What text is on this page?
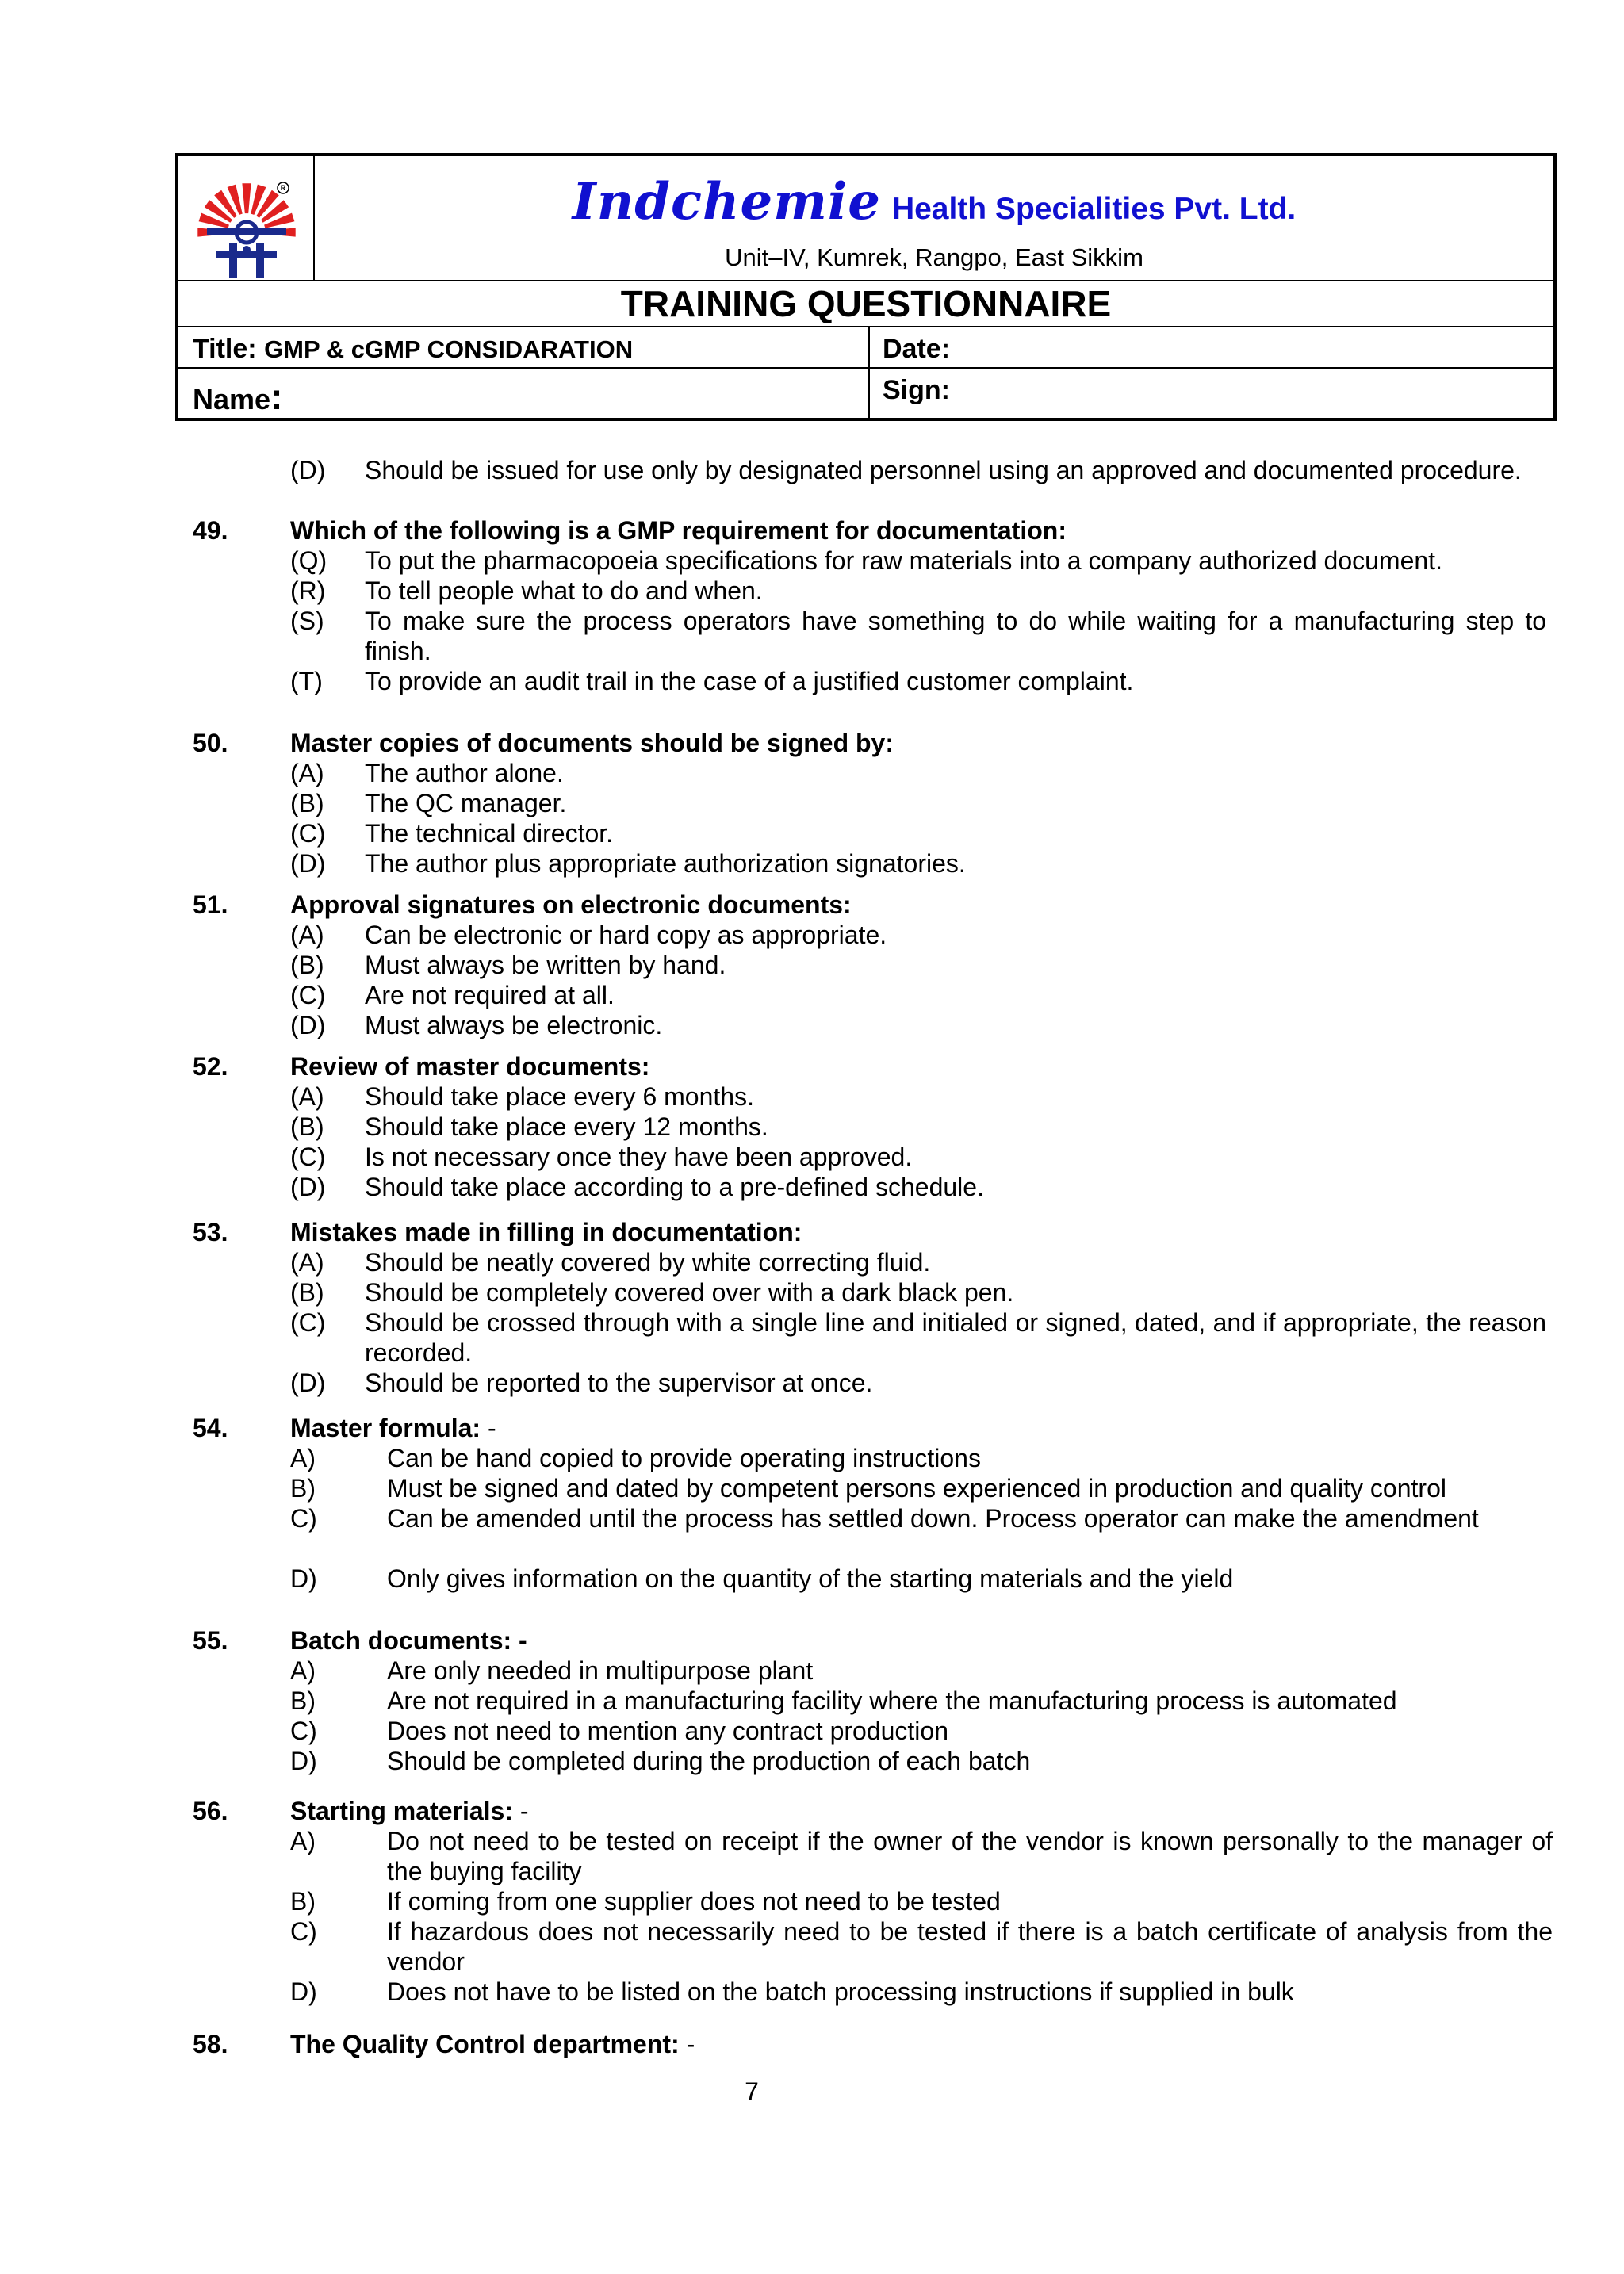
R	Indchemie Health Specialities Pvt. Ltd.
Unit–IV, Kumrek, Rangpo, East Sikkim
TRAINING QUESTIONNAIRE
Title: GMP & cGMP CONSIDARATION	Date:
Name:	Sign:
(D) Should be issued for use only by designated personnel using an approved and documented procedure.
49. Which of the following is a GMP requirement for documentation:
(Q) To put the pharmacopoeia specifications for raw materials into a company authorized document.
(R) To tell people what to do and when.
(S) To make sure the process operators have something to do while waiting for a manufacturing step to finish.
(T) To provide an audit trail in the case of a justified customer complaint.
50. Master copies of documents should be signed by:
(A) The author alone.
(B) The QC manager.
(C) The technical director.
(D) The author plus appropriate authorization signatories.
51. Approval signatures on electronic documents:
(A) Can be electronic or hard copy as appropriate.
(B) Must always be written by hand.
(C) Are not required at all.
(D) Must always be electronic.
52. Review of master documents:
(A) Should take place every 6 months.
(B) Should take place every 12 months.
(C) Is not necessary once they have been approved.
(D) Should take place according to a pre-defined schedule.
53. Mistakes made in filling in documentation:
(A) Should be neatly covered by white correcting fluid.
(B) Should be completely covered over with a dark black pen.
(C) Should be crossed through with a single line and initialed or signed, dated, and if appropriate, the reason recorded.
(D) Should be reported to the supervisor at once.
54. Master formula: -
A)	Can be hand copied to provide operating instructions
B)	Must be signed and dated by competent persons experienced in production and quality control
C)	Can be amended until the process has settled down. Process operator can make the amendment
D)	Only gives information on the quantity of the starting materials and the yield
55. Batch documents: -
A)	Are only needed in multipurpose plant
B)	Are not required in a manufacturing facility where the manufacturing process is automated
C)	Does not need to mention any contract production
D)	Should be completed during the production of each batch
56. Starting materials: -
A)	Do not need to be tested on receipt if the owner of the vendor is known personally to the manager of the buying facility
B)	If coming from one supplier does not need to be tested
C)	If hazardous does not necessarily need to be tested if there is a batch certificate of analysis from the vendor
D)	Does not have to be listed on the batch processing instructions if supplied in bulk
58. The Quality Control department: -
7
